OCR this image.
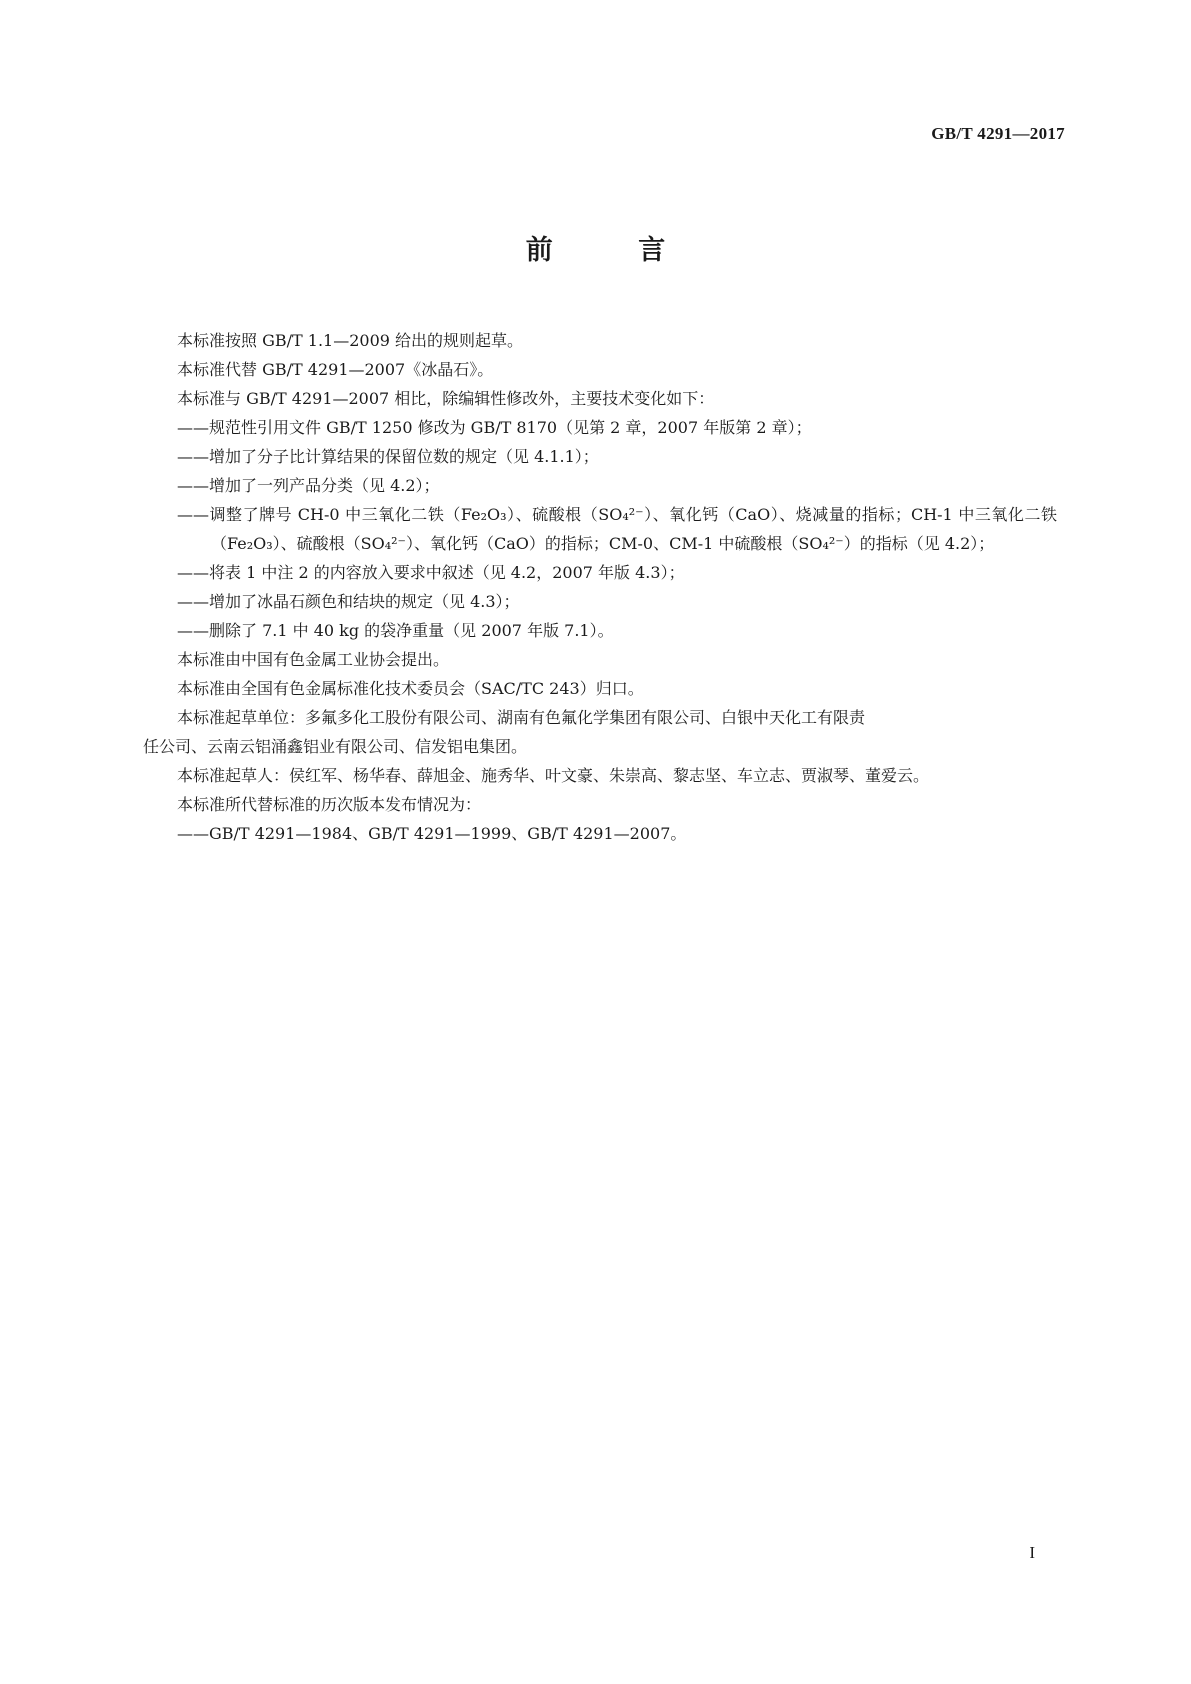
GB/T 4291—2017
前 言

本标准按照 GB/T 1.1—2009 给出的规则起草。

本标准代替 GB/T 4291—2007《冰晶石》。

本标准与 GB/T 4291—2007 相比，除编辑性修改外，主要技术变化如下：

——规范性引用文件 GB/T 1250 修改为 GB/T 8170（见第 2 章，2007 年版第 2 章）；

——增加了分子比计算结果的保留位数的规定（见 4.1.1）；

——增加了一列产品分类（见 4.2）；

——调整了牌号 CH-0 中三氧化二铁（Fe₂O₃）、硫酸根（SO₄²⁻）、氧化钙（CaO）、烧减量的指标；CH-1 中三氧化二铁（Fe₂O₃）、硫酸根（SO₄²⁻）、氧化钙（CaO）的指标；CM-0、CM-1 中硫酸根（SO₄²⁻）的指标（见 4.2）；

——将表 1 中注 2 的内容放入要求中叙述（见 4.2，2007 年版 4.3）；

——增加了冰晶石颜色和结块的规定（见 4.3）；

——删除了 7.1 中 40 kg 的袋净重量（见 2007 年版 7.1）。

本标准由中国有色金属工业协会提出。

本标准由全国有色金属标准化技术委员会（SAC/TC 243）归口。

本标准起草单位：多氟多化工股份有限公司、湖南有色氟化学集团有限公司、白银中天化工有限责

任公司、云南云铝涌鑫铝业有限公司、信发铝电集团。

本标准起草人：侯红军、杨华春、薛旭金、施秀华、叶文豪、朱崇高、黎志坚、车立志、贾淑琴、董爱云。

本标准所代替标准的历次版本发布情况为：

——GB/T 4291—1984、GB/T 4291—1999、GB/T 4291—2007。

I
